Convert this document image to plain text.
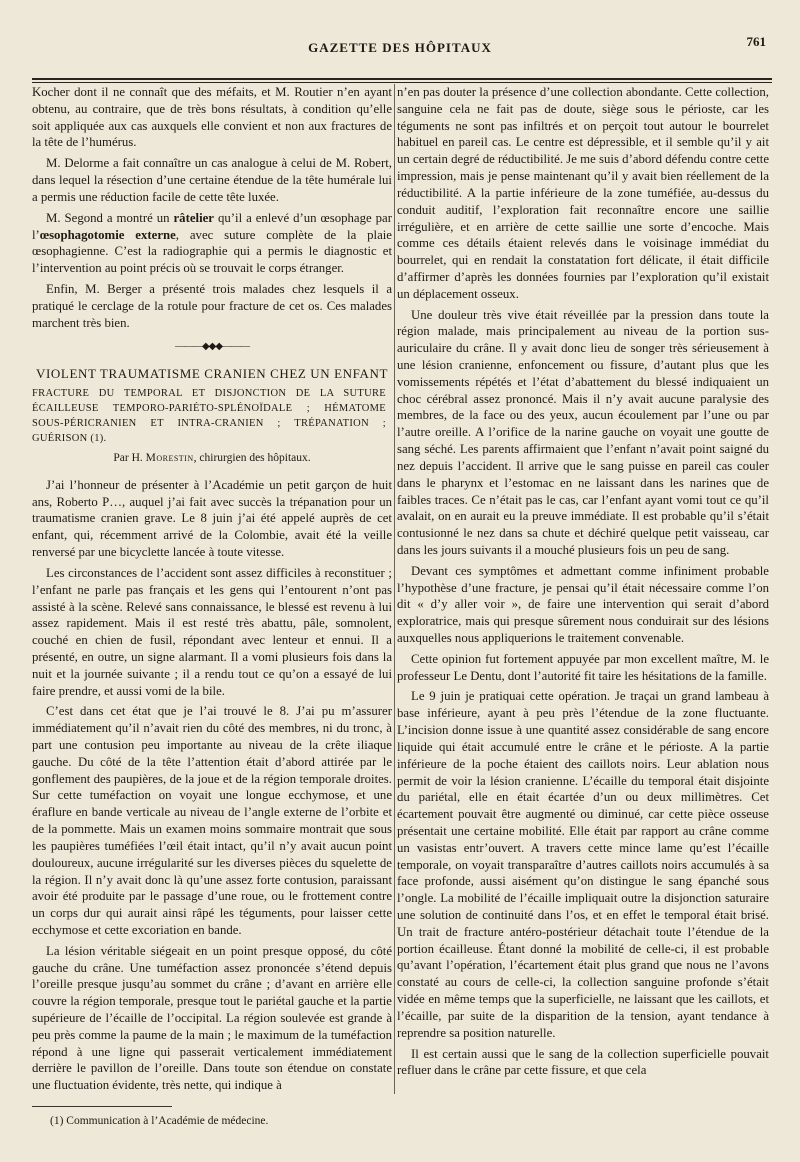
GAZETTE DES HÔPITAUX	761

Kocher dont il ne connaît que des méfaits, et M. Routier n’en ayant obtenu, au contraire, que de très bons résultats, à condition qu’elle soit appliquée aux cas auxquels elle convient et non aux fractures de la tête de l’humérus.

M. Delorme a fait connaître un cas analogue à celui de M. Robert, dans lequel la résection d’une certaine étendue de la tête humérale lui a permis une réduction facile de cette tête luxée.

M. Segond a montré un râtelier qu’il a enlevé d’un œsophage par l’œsophagotomie externe, avec suture complète de la plaie œsophagienne. C’est la radiographie qui a permis le diagnostic et l’intervention au point précis où se trouvait le corps étranger.

Enfin, M. Berger a présenté trois malades chez lesquels il a pratiqué le cerclage de la rotule pour fracture de cet os. Ces malades marchent très bien.

———◆◆◆———
VIOLENT TRAUMATISME CRANIEN CHEZ UN ENFANT
FRACTURE DU TEMPORAL ET DISJONCTION DE LA SUTURE ÉCAILLEUSE TEMPORO-PARIÉTO-SPLÉNOÏDALE ; HÉMATOME SOUS-PÉRICRANIEN ET INTRA-CRANIEN ; TRÉPANATION ; GUÉRISON (1).
Par H. Morestin, chirurgien des hôpitaux.

J’ai l’honneur de présenter à l’Académie un petit garçon de huit ans, Roberto P…, auquel j’ai fait avec succès la trépanation pour un traumatisme cranien grave. Le 8 juin j’ai été appelé auprès de cet enfant, qui, récemment arrivé de la Colombie, avait été la veille renversé par une bicyclette lancée à toute vitesse.

Les circonstances de l’accident sont assez difficiles à reconstituer ; l’enfant ne parle pas français et les gens qui l’entourent n’ont pas assisté à la scène. Relevé sans connaissance, le blessé est revenu à lui assez rapidement. Mais il est resté très abattu, pâle, somnolent, couché en chien de fusil, répondant avec lenteur et ennui. Il a présenté, en outre, un signe alarmant. Il a vomi plusieurs fois dans la nuit et la journée suivante ; il a rendu tout ce qu’on a essayé de lui faire prendre, et aussi vomi de la bile.

C’est dans cet état que je l’ai trouvé le 8. J’ai pu m’assurer immédiatement qu’il n’avait rien du côté des membres, ni du tronc, à part une contusion peu importante au niveau de la crête iliaque gauche. Du côté de la tête l’attention était d’abord attirée par le gonflement des paupières, de la joue et de la région temporale droites. Sur cette tuméfaction on voyait une longue ecchymose, et une éraflure en bande verticale au niveau de l’angle externe de l’orbite et de la pommette. Mais un examen moins sommaire montrait que sous les paupières tuméfiées l’œil était intact, qu’il n’y avait aucun point douloureux, aucune irrégularité sur les diverses pièces du squelette de la région. Il n’y avait donc là qu’une assez forte contusion, paraissant avoir été produite par le passage d’une roue, ou le frottement contre un corps dur qui aurait ainsi râpé les téguments, pour laisser cette ecchymose et cette excoriation en bande.

La lésion véritable siégeait en un point presque opposé, du côté gauche du crâne. Une tuméfaction assez prononcée s’étend depuis l’oreille presque jusqu’au sommet du crâne ; d’avant en arrière elle couvre la région temporale, presque tout le pariétal gauche et la partie supérieure de l’écaille de l’occipital. La région soulevée est grande à peu près comme la paume de la main ; le maximum de la tuméfaction répond à une ligne qui passerait verticalement immédiatement derrière le pavillon de l’oreille. Dans toute son étendue on constate une fluctuation évidente, très nette, qui indique à

n’en pas douter la présence d’une collection abondante. Cette collection, sanguine cela ne fait pas de doute, siège sous le périoste, car les téguments ne sont pas infiltrés et on perçoit tout autour le bourrelet habituel en pareil cas. Le centre est dépressible, et il semble qu’il y ait un certain degré de réductibilité. Je me suis d’abord défendu contre cette impression, mais je pense maintenant qu’il y avait bien réellement de la réductibilité. A la partie inférieure de la zone tuméfiée, au-dessus du conduit auditif, l’exploration fait reconnaître encore une saillie irrégulière, et en arrière de cette saillie une sorte d’encoche. Mais comme ces détails étaient relevés dans le voisinage immédiat du bourrelet, qui en rendait la constatation fort délicate, il était difficile d’affirmer d’après les données fournies par l’exploration qu’il existait un déplacement osseux.

Une douleur très vive était réveillée par la pression dans toute la région malade, mais principalement au niveau de la portion sus-auriculaire du crâne. Il y avait donc lieu de songer très sérieusement à une lésion cranienne, enfoncement ou fissure, d’autant plus que les vomissements répétés et l’état d’abattement du blessé indiquaient un choc cérébral assez prononcé. Mais il n’y avait aucune paralysie des membres, de la face ou des yeux, aucun écoulement par l’une ou par l’autre oreille. A l’orifice de la narine gauche on voyait une goutte de sang séché. Les parents affirmaient que l’enfant n’avait point saigné du nez depuis l’accident. Il arrive que le sang puisse en pareil cas couler dans le pharynx et l’estomac en ne laissant dans les narines que de faibles traces. Ce n’était pas le cas, car l’enfant ayant vomi tout ce qu’il avalait, on en aurait eu la preuve immédiate. Il est probable qu’il s’était contusionné le nez dans sa chute et déchiré quelque petit vaisseau, car dans les jours suivants il a mouché plusieurs fois un peu de sang.

Devant ces symptômes et admettant comme infiniment probable l’hypothèse d’une fracture, je pensai qu’il était nécessaire comme l’on dit « d’y aller voir », de faire une intervention qui serait d’abord exploratrice, mais qui presque sûrement nous conduirait sur des lésions auxquelles nous appliquerions le traitement convenable.

Cette opinion fut fortement appuyée par mon excellent maître, M. le professeur Le Dentu, dont l’autorité fit taire les hésitations de la famille.

Le 9 juin je pratiquai cette opération. Je traçai un grand lambeau à base inférieure, ayant à peu près l’étendue de la zone fluctuante. L’incision donne issue à une quantité assez considérable de sang encore liquide qui était accumulé entre le crâne et le périoste. A la partie inférieure de la poche étaient des caillots noirs. Leur ablation nous permit de voir la lésion cranienne. L’écaille du temporal était disjointe du pariétal, elle en était écartée d’un ou deux millimètres. Cet écartement pouvait être augmenté ou diminué, car cette pièce osseuse présentait une certaine mobilité. Elle était par rapport au crâne comme un vasistas entr’ouvert. A travers cette mince lame qu’est l’écaille temporale, on voyait transparaître d’autres caillots noirs accumulés à sa face profonde, aussi aisément qu’on distingue le sang épanché sous l’ongle. La mobilité de l’écaille impliquait outre la disjonction saturaire une solution de continuité dans l’os, et en effet le temporal était brisé. Un trait de fracture antéro-postérieur détachait toute l’étendue de la portion écailleuse. Étant donné la mobilité de celle-ci, il est probable qu’avant l’opération, l’écartement était plus grand que nous ne l’avons constaté au cours de celle-ci, la collection sanguine profonde s’était vidée en même temps que la superficielle, ne laissant que les caillots, et l’écaille, par suite de la disparition de la tension, ayant tendance à reprendre sa position naturelle.

Il est certain aussi que le sang de la collection superficielle pouvait refluer dans le crâne par cette fissure, et que cela

(1) Communication à l’Académie de médecine.
